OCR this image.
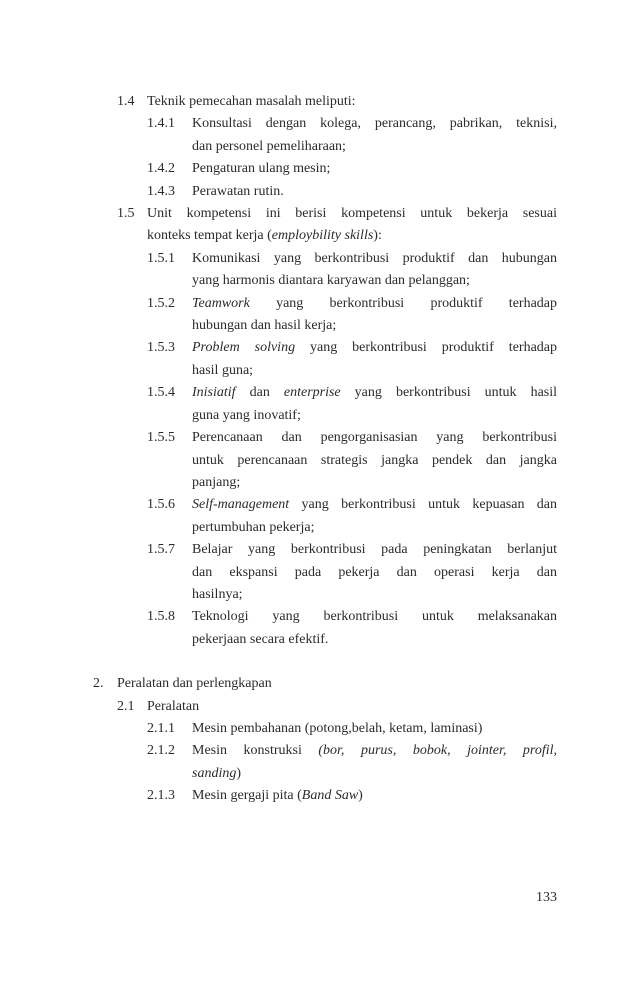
1.4 Teknik pemecahan masalah meliputi:
1.4.1 Konsultasi dengan kolega, perancang, pabrikan, teknisi,
dan personel pemeliharaan;
1.4.2 Pengaturan ulang mesin;
1.4.3 Perawatan rutin.
1.5 Unit kompetensi ini berisi kompetensi untuk bekerja sesuai
konteks tempat kerja (employbility skills):
1.5.1 Komunikasi yang berkontribusi produktif dan hubungan
yang harmonis diantara karyawan dan pelanggan;
1.5.2 Teamwork yang berkontribusi produktif terhadap
hubungan dan hasil kerja;
1.5.3 Problem solving yang berkontribusi produktif terhadap
hasil guna;
1.5.4 Inisiatif dan enterprise yang berkontribusi untuk hasil
guna yang inovatif;
1.5.5 Perencanaan dan pengorganisasian yang berkontribusi
untuk perencanaan strategis jangka pendek dan jangka
panjang;
1.5.6 Self-management yang berkontribusi untuk kepuasan dan
pertumbuhan pekerja;
1.5.7 Belajar yang berkontribusi pada peningkatan berlanjut
dan ekspansi pada pekerja dan operasi kerja dan
hasilnya;
1.5.8 Teknologi yang berkontribusi untuk melaksanakan
pekerjaan secara efektif.
2. Peralatan dan perlengkapan
2.1 Peralatan
2.1.1 Mesin pembahanan (potong,belah, ketam, laminasi)
2.1.2 Mesin konstruksi (bor, purus, bobok, jointer, profil,
sanding)
2.1.3 Mesin gergaji pita (Band Saw)
133
